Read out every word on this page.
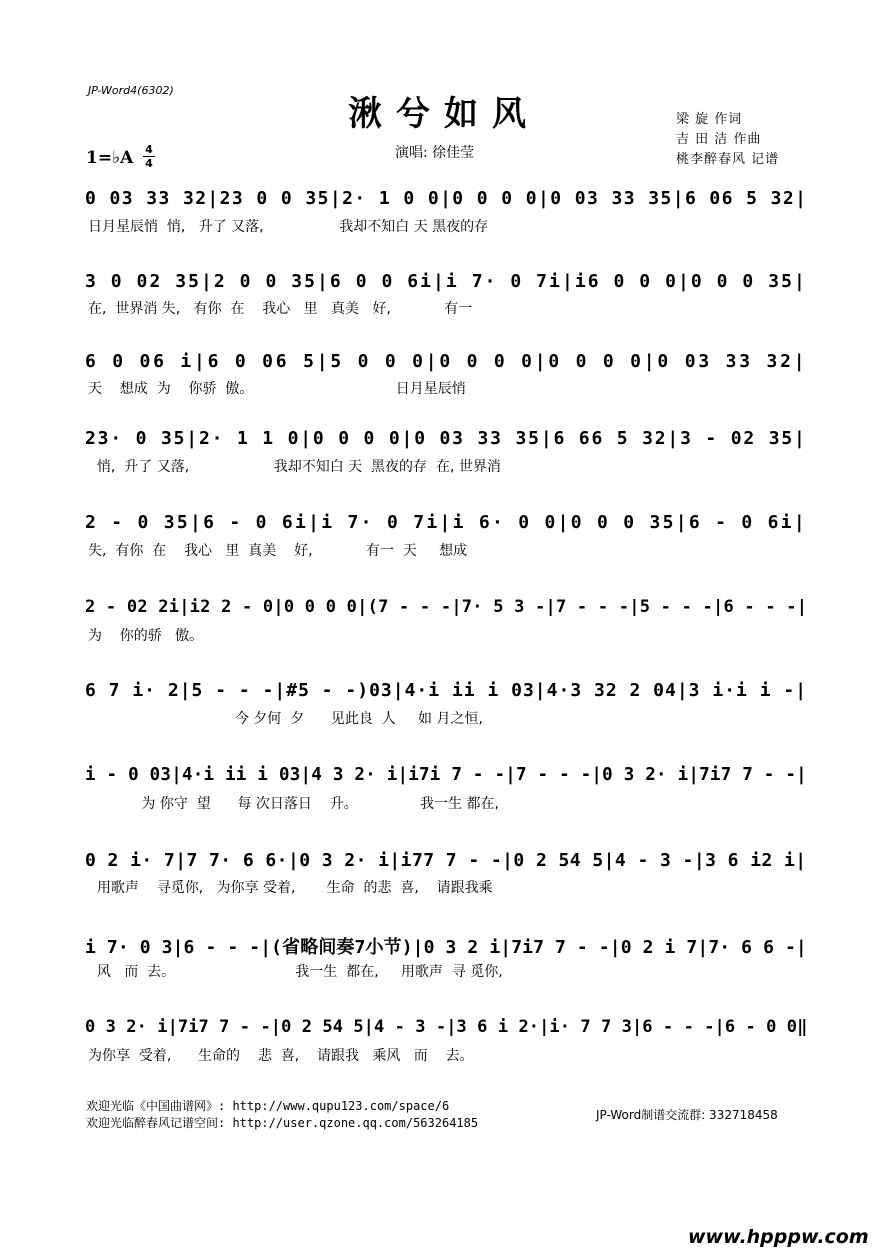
JP-Word4(6302)
湫兮如风
1=♭A 4
4
演唱: 徐佳莹
梁 旋 作词
吉 田 洁 作曲
桃李醉春风 记谱
0 03 33 32|23 0 0 35|2· 1 0 0|0 0 0 0|0 03 33 35|6 06 5 32|
日月星辰悄  悄,   升了 又落,                 我却不知白 天 黑夜的存
3 0 02 35|2 0 0 35|6 0 0 6i|i 7· 0 7i|i6 0 0 0|0 0 0 35|
在,  世界消 失,   有你  在    我心   里   真美   好,            有一
6 0 06 i|6 0 06 5|5 0 0 0|0 0 0 0|0 0 0 0|0 03 33 32|
天    想成  为    你骄  傲。                                日月星辰悄
23· 0 35|2· 1 1 0|0 0 0 0|0 03 33 35|6 66 5 32|3 - 02 35|
悄,  升了 又落,                   我却不知白 天  黑夜的存  在, 世界消
2 - 0 35|6 - 0 6i|i 7· 0 7i|i 6· 0 0|0 0 0 35|6 - 0 6i|
失,  有你  在    我心   里  真美    好,            有一  天     想成
2 - 02 2i|i2 2 - 0|0 0 0 0|(7 - - -|7· 5 3 -|7 - - -|5 - - -|6 - - -|
为    你的骄   傲。
6 7 i· 2|5 - - -|#5 - -)03|4·i ii i 03|4·3 32 2 04|3 i·i i -|
今 夕何  夕      见此良  人     如 月之恒,
i - 0 03|4·i ii i 03|4 3 2· i|i7i 7 - -|7 - - -|0 3 2· i|7i7 7 - -|
为 你守  望      每 次日落日    升。              我一生 都在,
0 2 i· 7|7 7· 6 6·|0 3 2· i|i77 7 - -|0 2 54 5|4 - 3 -|3 6 i2 i|
用歌声    寻觅你,   为你享 受着,       生命  的悲  喜,    请跟我乘
i 7· 0 3|6 - - -|(省略间奏7小节)|0 3 2 i|7i7 7 - -|0 2 i 7|7· 6 6 -|
风   而  去。                           我一生  都在,     用歌声  寻 觅你,
0 3 2· i|7i7 7 - -|0 2 54 5|4 - 3 -|3 6 i 2·|i· 7 7 3|6 - - -|6 - 0 0‖
为你享  受着,      生命的    悲  喜,    请跟我   乘风   而    去。
欢迎光临《中国曲谱网》: http://www.qupu123.com/space/6
欢迎光临醉春风记谱空间: http://user.qzone.qq.com/563264185
JP-Word制谱交流群: 332718458
www.hpppw.com
